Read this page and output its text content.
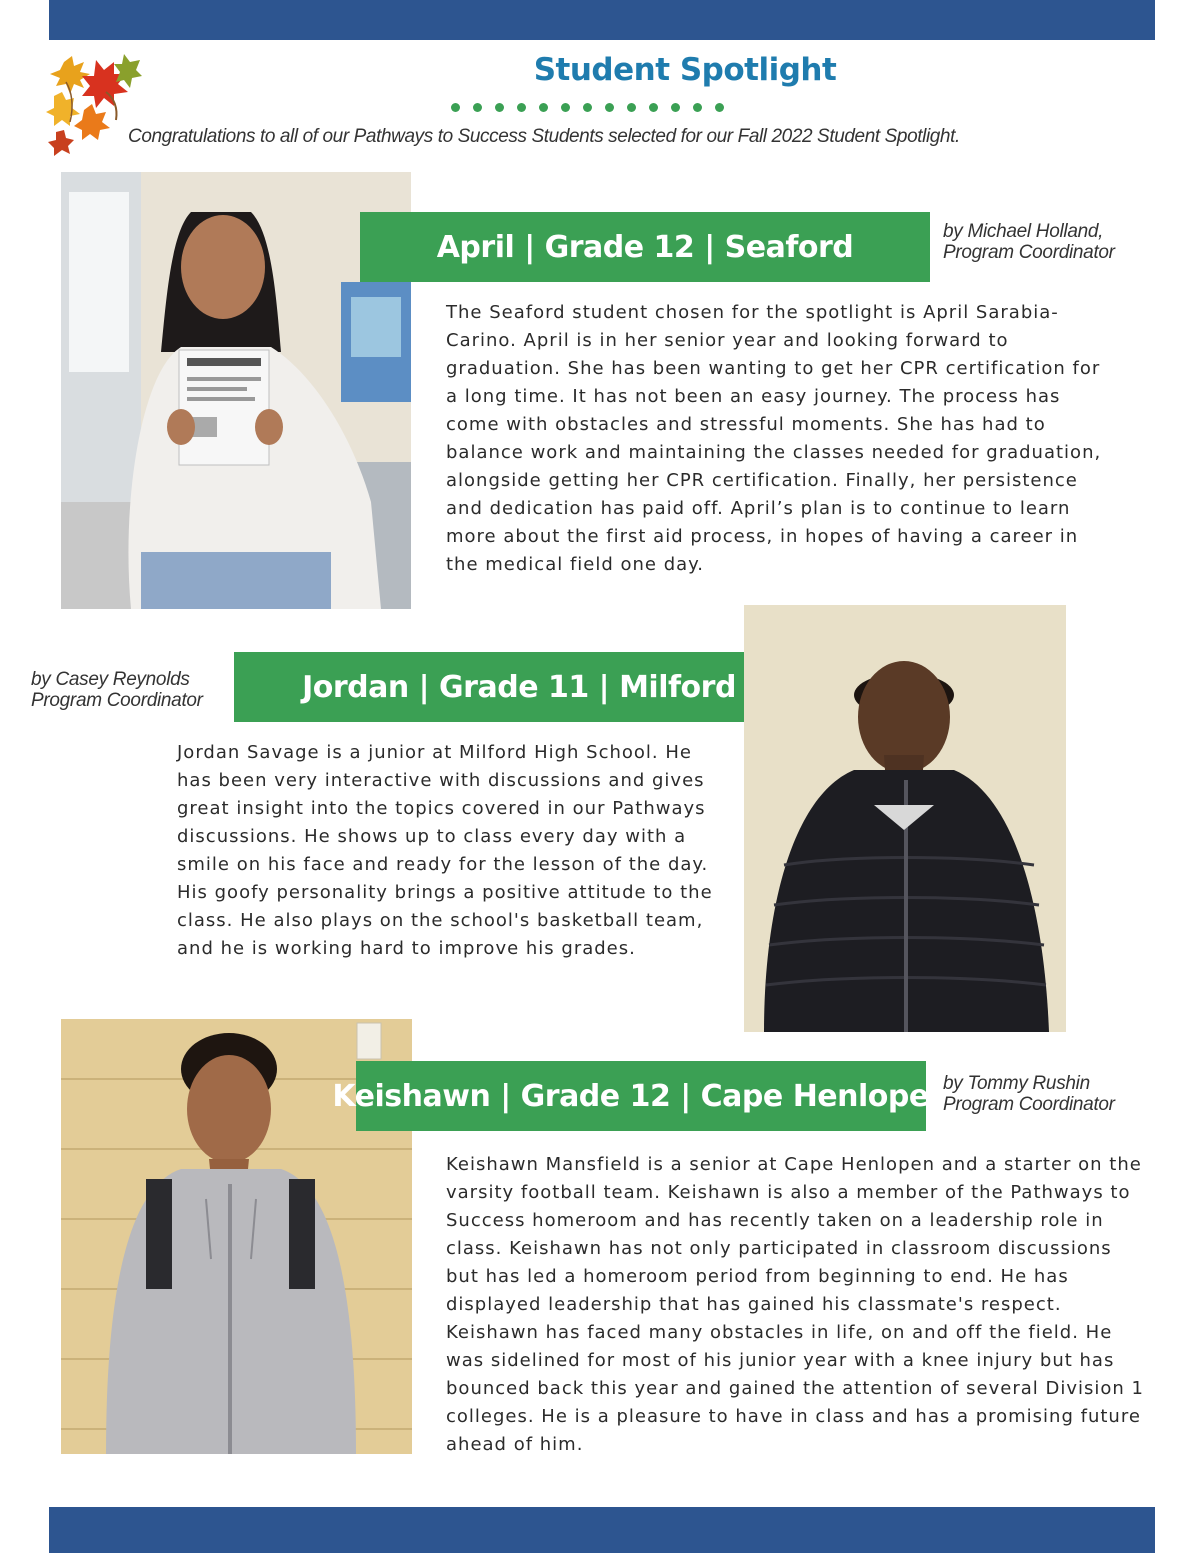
Student Spotlight
Congratulations to all of our Pathways to Success Students selected for our Fall 2022 Student Spotlight.
April | Grade 12 | Seaford	by Michael Holland,
Program Coordinator

The Seaford student chosen for the spotlight is April Sarabia-Carino. April is in her senior year and looking forward to graduation. She has been wanting to get her CPR certification for a long time. It has not been an easy journey. The process has come with obstacles and stressful moments. She has had to balance work and maintaining the classes needed for graduation, alongside getting her CPR certification. Finally, her persistence and dedication has paid off. April’s plan is to continue to learn more about the first aid process, in hopes of having a career in the medical field one day.

by Casey Reynolds
Program Coordinator	Jordan | Grade 11 | Milford

Jordan Savage is a junior at Milford High School. He has been very interactive with discussions and gives great insight into the topics covered in our Pathways discussions. He shows up to class every day with a smile on his face and ready for the lesson of the day. His goofy personality brings a positive attitude to the class. He also plays on the school's basketball team, and he is working hard to improve his grades.

Keishawn | Grade 12 | Cape Henlopen
by Tommy Rushin
Program Coordinator

Keishawn Mansfield is a senior at Cape Henlopen and a starter on the varsity football team. Keishawn is also a member of the Pathways to Success homeroom and has recently taken on a leadership role in class. Keishawn has not only participated in classroom discussions but has led a homeroom period from beginning to end. He has displayed leadership that has gained his classmate's respect.

Keishawn has faced many obstacles in life, on and off the field. He was sidelined for most of his junior year with a knee injury but has bounced back this year and gained the attention of several Division 1 colleges. He is a pleasure to have in class and has a promising future ahead of him.
